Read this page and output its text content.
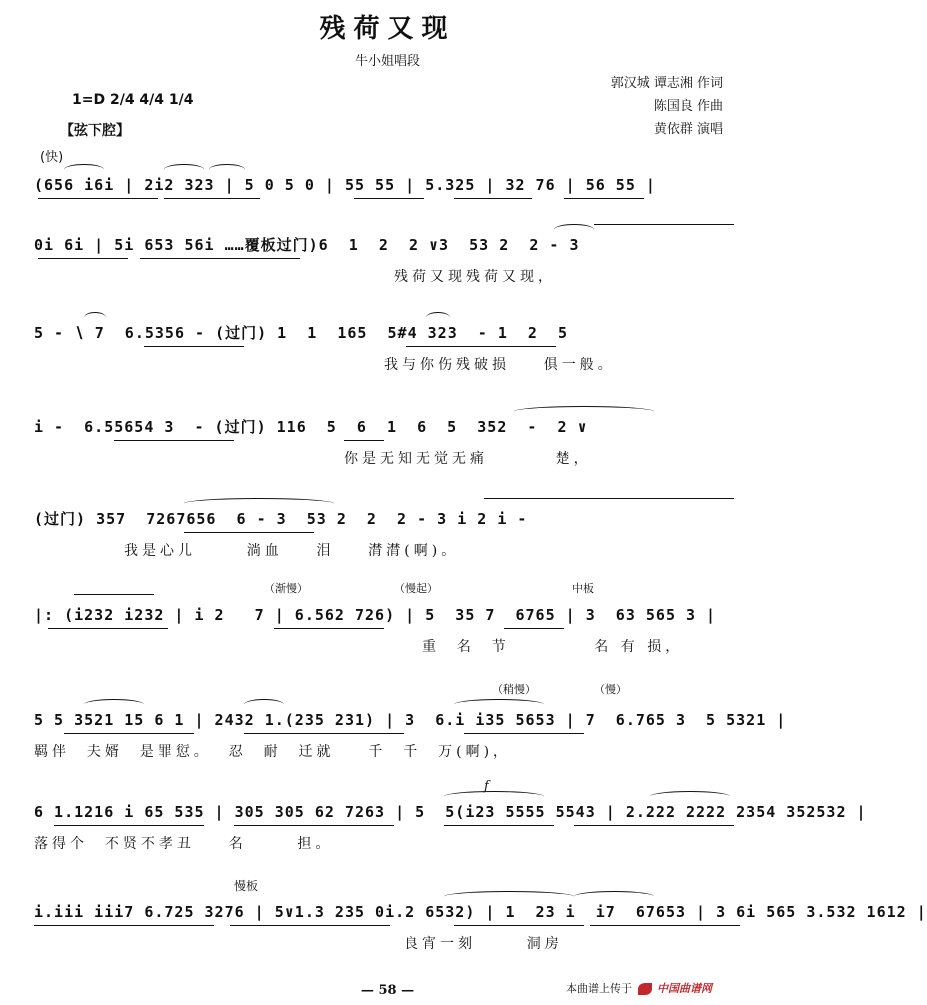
残荷又现
牛小姐唱段
1=D 2/4 4/4 1/4
【弦下腔】
郭汉城 谭志湘 作词
陈国良 作曲
黄依群 演唱
(快)
(656 i6i | 2i2 323 | 5 0 5 0 | 55 55 | 5.325 | 32 76 | 56 55 |
0i 6i | 5i 653 56i ……覆板过门)6  1  2  2 ∨3  53 2  2 - 3
残荷又现残荷又现，
5 - ∖ 7  6.5356 - (过门) 1  1  165  5#4 323  - 1  2  5
我与你伤残破损    俱一般。
i -  6.55654 3  - (过门) 116  5  6  1  6  5  352  -  2 ∨
你是无知无觉无痛        楚，
(过门) 357  7267656  6 - 3  53 2  2  2 - 3 i 2 i -
我是心儿      淌血    泪    潸潸(啊)。
（渐慢）	（慢起）	中板
|: (i232 i232 | i 2   7 | 6.562 726) | 5  35 7  6765 | 3  63 565 3 |
重  名  节          名 有 损，
（稍慢）	（慢）
5 5 3521 15 6 1 | 2432 1.(235 231) | 3  6.i i35 5653 | 7  6.765 3  5 5321 |
羁伴  夫婿  是罪愆。  忍  耐  迁就    千  千  万(啊)，
f
6 1.1216 i 65 535 | 305 305 62 7263 | 5  5(i23 5555 5543 | 2.222 2222 2354 352532 |
落得个  不贤不孝丑    名      担。
慢板
i.iii iii7 6.725 3276 | 5∨1.3 235 0i.2 6532) | 1  23 i  i7  67653 | 3 6i 565 3.532 1612 |
良宵一刻      洞房
— 58 —	本曲谱上传于 中国曲谱网
